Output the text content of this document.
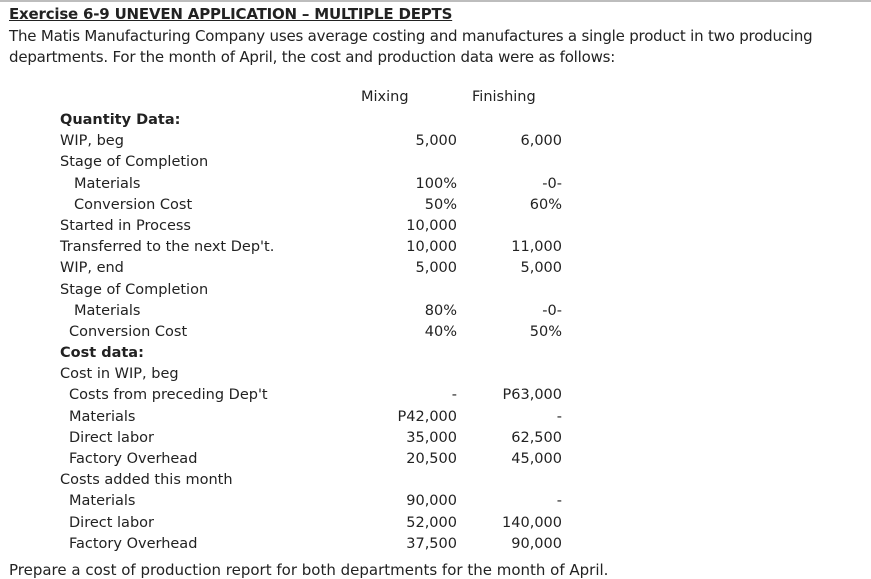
Exercise 6-9 UNEVEN APPLICATION – MULTIPLE DEPTS
The Matis Manufacturing Company uses average costing and manufactures a single product in two producing departments. For the month of April, the cost and production data were as follows:
Mixing	Finishing
Quantity Data:
WIP, beg	5,000	6,000
Stage of Completion
Materials	100%	-0-
Conversion Cost	50%	60%
Started in Process	10,000
Transferred to the next Dep't.	10,000	11,000
WIP, end	5,000	5,000
Stage of Completion
Materials	80%	-0-
Conversion Cost	40%	50%
Cost data:
Cost in WIP, beg
Costs from preceding Dep't	-	P63,000
Materials	P42,000	-
Direct labor	35,000	62,500
Factory Overhead	20,500	45,000
Costs added this month
Materials	90,000	-
Direct labor	52,000	140,000
Factory Overhead	37,500	90,000
Prepare a cost of production report for both departments for the month of April.
